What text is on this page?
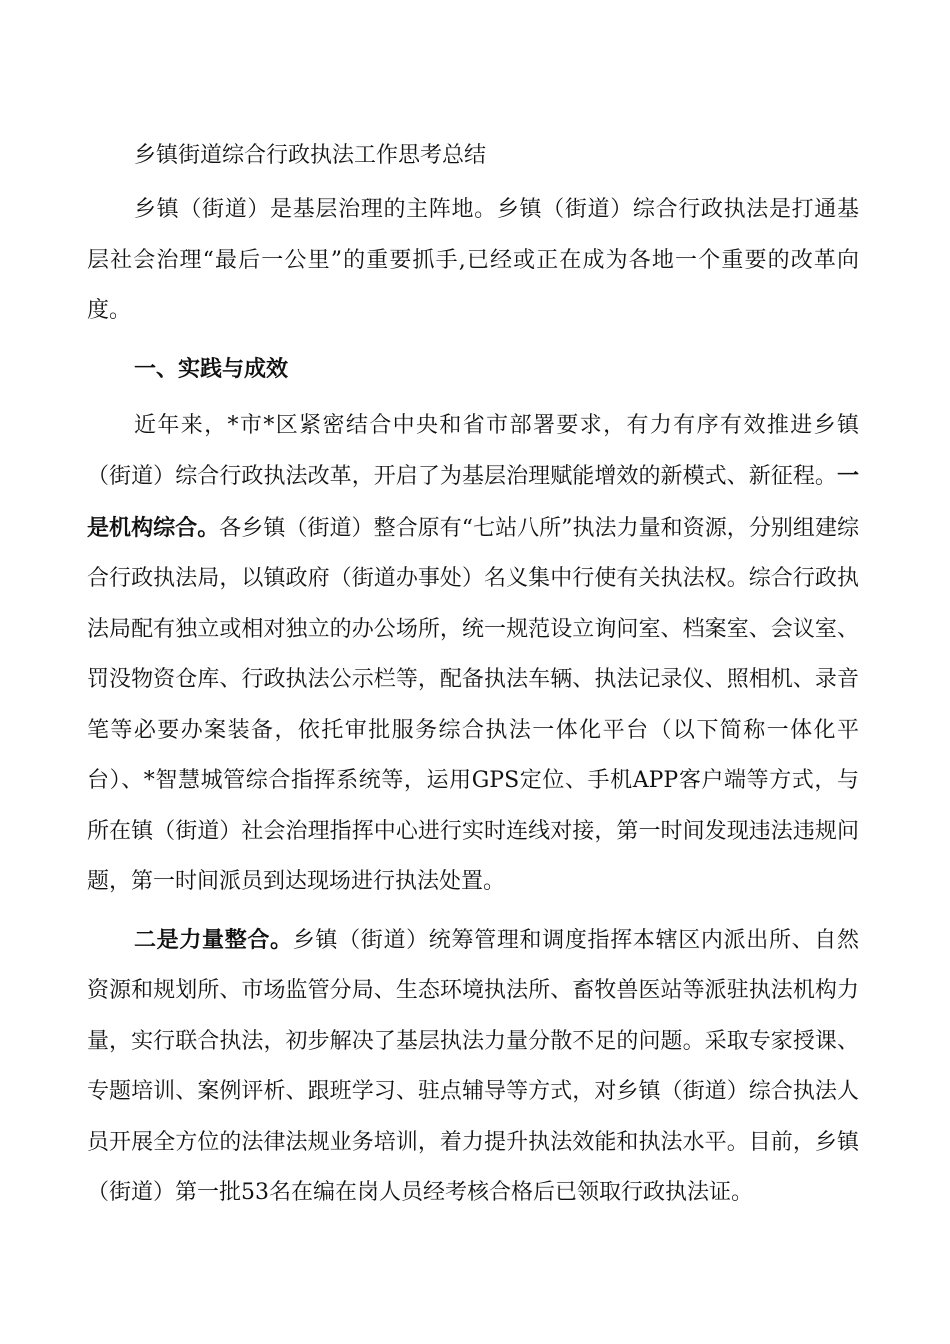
乡镇街道综合行政执法工作思考总结

乡镇（街道）是基层治理的主阵地。乡镇（街道）综合行政执法是打通基层社会治理“最后一公里”的重要抓手,已经或正在成为各地一个重要的改革向度。

一、实践与成效

近年来，*市*区紧密结合中央和省市部署要求，有力有序有效推进乡镇（街道）综合行政执法改革，开启了为基层治理赋能增效的新模式、新征程。一是机构综合。各乡镇（街道）整合原有“七站八所”执法力量和资源，分别组建综合行政执法局，以镇政府（街道办事处）名义集中行使有关执法权。综合行政执法局配有独立或相对独立的办公场所，统一规范设立询问室、档案室、会议室、罚没物资仓库、行政执法公示栏等，配备执法车辆、执法记录仪、照相机、录音笔等必要办案装备，依托审批服务综合执法一体化平台（以下简称一体化平台）、*智慧城管综合指挥系统等，运用GPS定位、手机APP客户端等方式，与所在镇（街道）社会治理指挥中心进行实时连线对接，第一时间发现违法违规问题，第一时间派员到达现场进行执法处置。

二是力量整合。乡镇（街道）统筹管理和调度指挥本辖区内派出所、自然资源和规划所、市场监管分局、生态环境执法所、畜牧兽医站等派驻执法机构力量，实行联合执法，初步解决了基层执法力量分散不足的问题。采取专家授课、专题培训、案例评析、跟班学习、驻点辅导等方式，对乡镇（街道）综合执法人员开展全方位的法律法规业务培训，着力提升执法效能和执法水平。目前，乡镇（街道）第一批53名在编在岗人员经考核合格后已领取行政执法证。
